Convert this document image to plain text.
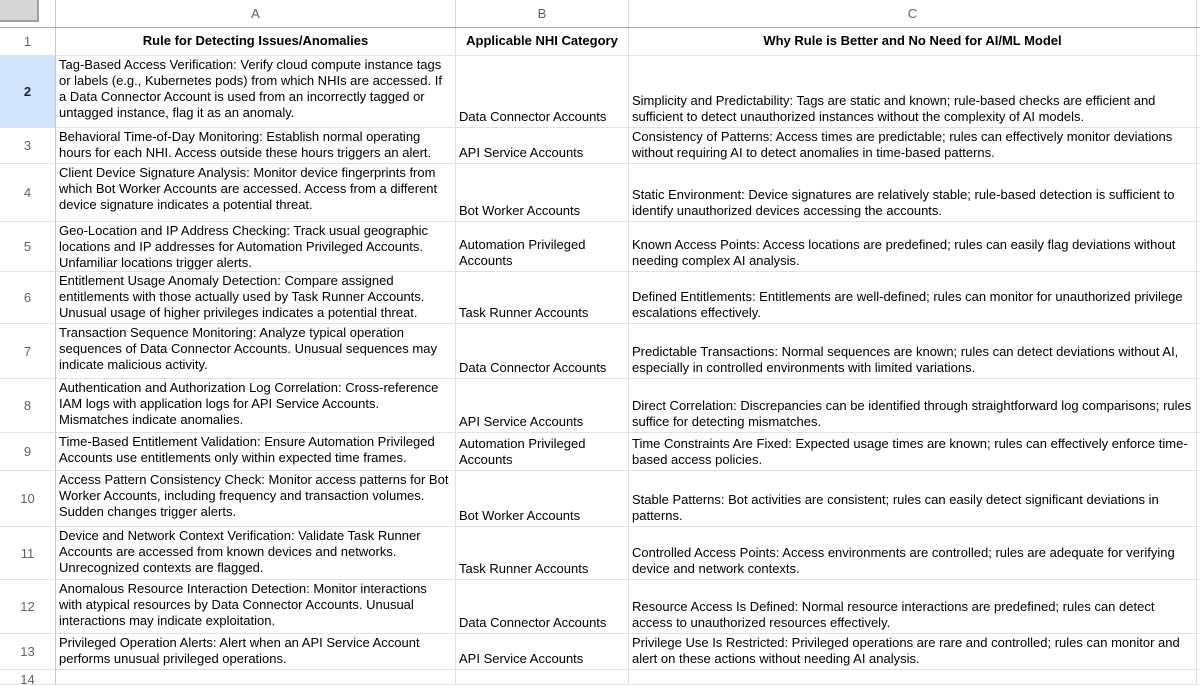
A	B	C
1	Rule for Detecting Issues/Anomalies	Applicable NHI Category	Why Rule is Better and No Need for AI/ML Model
2
Tag-Based Access Verification: Verify cloud compute instance tags or labels (e.g., Kubernetes pods) from which NHIs are accessed. If a Data Connector Account is used from an incorrectly tagged or untagged instance, flag it as an anomaly.	Data Connector Accounts
Simplicity and Predictability: Tags are static and known; rule-based checks are efficient and sufficient to detect unauthorized instances without the complexity of AI models.
3
Behavioral Time-of-Day Monitoring: Establish normal operating hours for each NHI. Access outside these hours triggers an alert.	API Service Accounts
Consistency of Patterns: Access times are predictable; rules can effectively monitor deviations without requiring AI to detect anomalies in time-based patterns.
4
Client Device Signature Analysis: Monitor device fingerprints from which Bot Worker Accounts are accessed. Access from a different device signature indicates a potential threat.	Bot Worker Accounts
Static Environment: Device signatures are relatively stable; rule-based detection is sufficient to identify unauthorized devices accessing the accounts.
5
Geo-Location and IP Address Checking: Track usual geographic locations and IP addresses for Automation Privileged Accounts. Unfamiliar locations trigger alerts.
Automation Privileged Accounts
Known Access Points: Access locations are predefined; rules can easily flag deviations without needing complex AI analysis.
6
Entitlement Usage Anomaly Detection: Compare assigned entitlements with those actually used by Task Runner Accounts. Unusual usage of higher privileges indicates a potential threat.	Task Runner Accounts
Defined Entitlements: Entitlements are well-defined; rules can monitor for unauthorized privilege escalations effectively.
7
Transaction Sequence Monitoring: Analyze typical operation sequences of Data Connector Accounts. Unusual sequences may indicate malicious activity.	Data Connector Accounts
Predictable Transactions: Normal sequences are known; rules can detect deviations without AI, especially in controlled environments with limited variations.
8
Authentication and Authorization Log Correlation: Cross-reference IAM logs with application logs for API Service Accounts. Mismatches indicate anomalies.	API Service Accounts
Direct Correlation: Discrepancies can be identified through straightforward log comparisons; rules suffice for detecting mismatches.
9
Time-Based Entitlement Validation: Ensure Automation Privileged Accounts use entitlements only within expected time frames.
Automation Privileged Accounts
Time Constraints Are Fixed: Expected usage times are known; rules can effectively enforce time-based access policies.
10
Access Pattern Consistency Check: Monitor access patterns for Bot Worker Accounts, including frequency and transaction volumes. Sudden changes trigger alerts.	Bot Worker Accounts
Stable Patterns: Bot activities are consistent; rules can easily detect significant deviations in patterns.
11
Device and Network Context Verification: Validate Task Runner Accounts are accessed from known devices and networks. Unrecognized contexts are flagged.	Task Runner Accounts
Controlled Access Points: Access environments are controlled; rules are adequate for verifying device and network contexts.
12
Anomalous Resource Interaction Detection: Monitor interactions with atypical resources by Data Connector Accounts. Unusual interactions may indicate exploitation.	Data Connector Accounts
Resource Access Is Defined: Normal resource interactions are predefined; rules can detect access to unauthorized resources effectively.
13
Privileged Operation Alerts: Alert when an API Service Account performs unusual privileged operations.	API Service Accounts
Privilege Use Is Restricted: Privileged operations are rare and controlled; rules can monitor and alert on these actions without needing AI analysis.
14
